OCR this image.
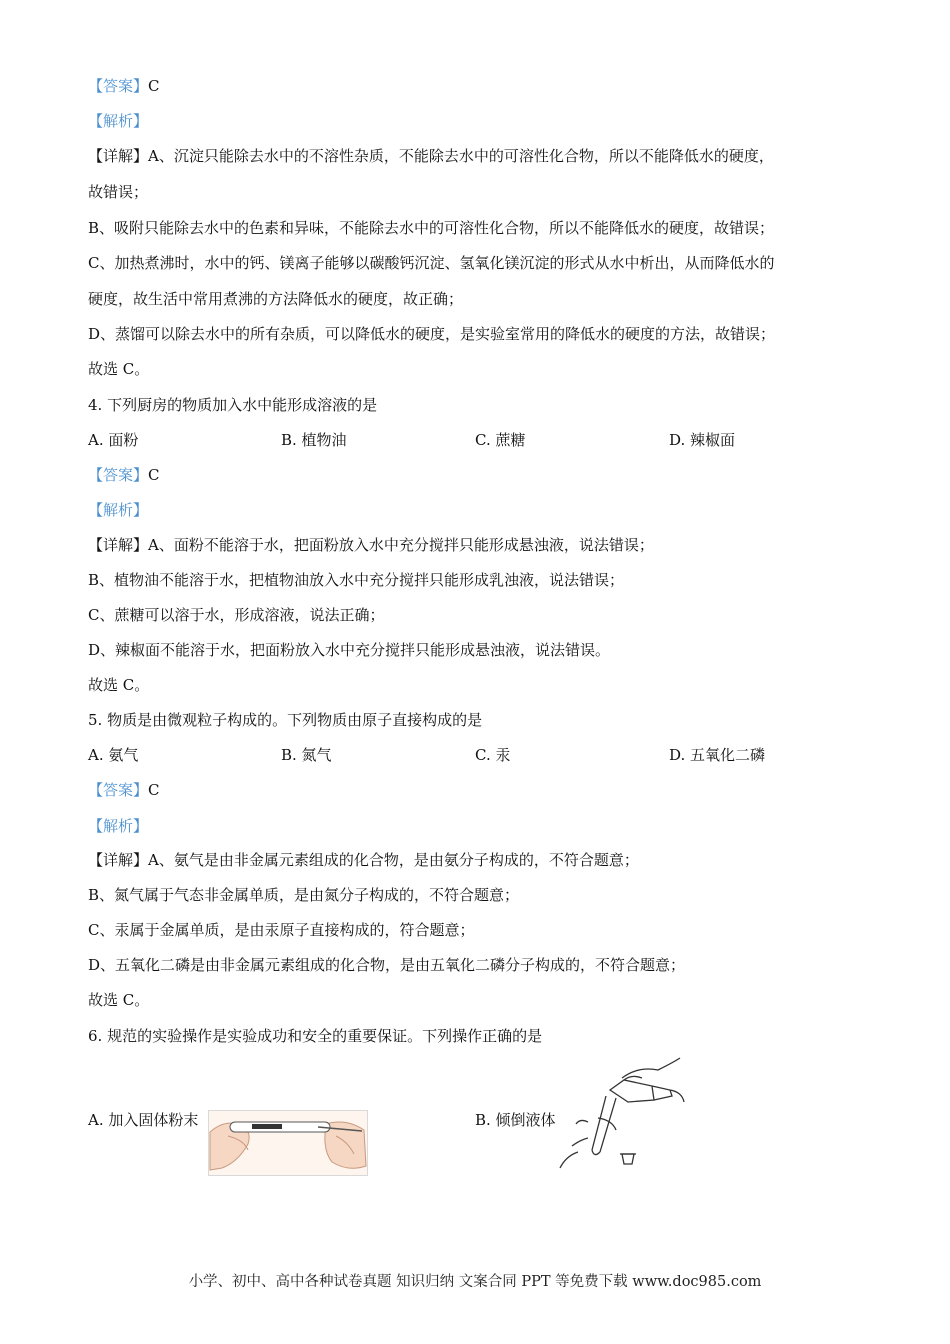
【答案】C
【解析】
【详解】A、沉淀只能除去水中的不溶性杂质，不能除去水中的可溶性化合物，所以不能降低水的硬度，
故错误；
B、吸附只能除去水中的色素和异味，不能除去水中的可溶性化合物，所以不能降低水的硬度，故错误；
C、加热煮沸时，水中的钙、镁离子能够以碳酸钙沉淀、氢氧化镁沉淀的形式从水中析出，从而降低水的
硬度，故生活中常用煮沸的方法降低水的硬度，故正确；
D、蒸馏可以除去水中的所有杂质，可以降低水的硬度，是实验室常用的降低水的硬度的方法，故错误；
故选 C。
4. 下列厨房的物质加入水中能形成溶液的是
A. 面粉	B. 植物油	C. 蔗糖	D. 辣椒面
【答案】C
【解析】
【详解】A、面粉不能溶于水，把面粉放入水中充分搅拌只能形成悬浊液，说法错误；
B、植物油不能溶于水，把植物油放入水中充分搅拌只能形成乳浊液，说法错误；
C、蔗糖可以溶于水，形成溶液，说法正确；
D、辣椒面不能溶于水，把面粉放入水中充分搅拌只能形成悬浊液，说法错误。
故选 C。
5. 物质是由微观粒子构成的。下列物质由原子直接构成的是
A. 氨气	B. 氮气	C. 汞	D. 五氧化二磷
【答案】C
【解析】
【详解】A、氨气是由非金属元素组成的化合物，是由氨分子构成的，不符合题意；
B、氮气属于气态非金属单质，是由氮分子构成的，不符合题意；
C、汞属于金属单质，是由汞原子直接构成的，符合题意；
D、五氧化二磷是由非金属元素组成的化合物，是由五氧化二磷分子构成的，不符合题意；
故选 C。
6. 规范的实验操作是实验成功和安全的重要保证。下列操作正确的是
A. 加入固体粉末	B. 倾倒液体
小学、初中、高中各种试卷真题 知识归纳 文案合同 PPT 等免费下载 www.doc985.com
